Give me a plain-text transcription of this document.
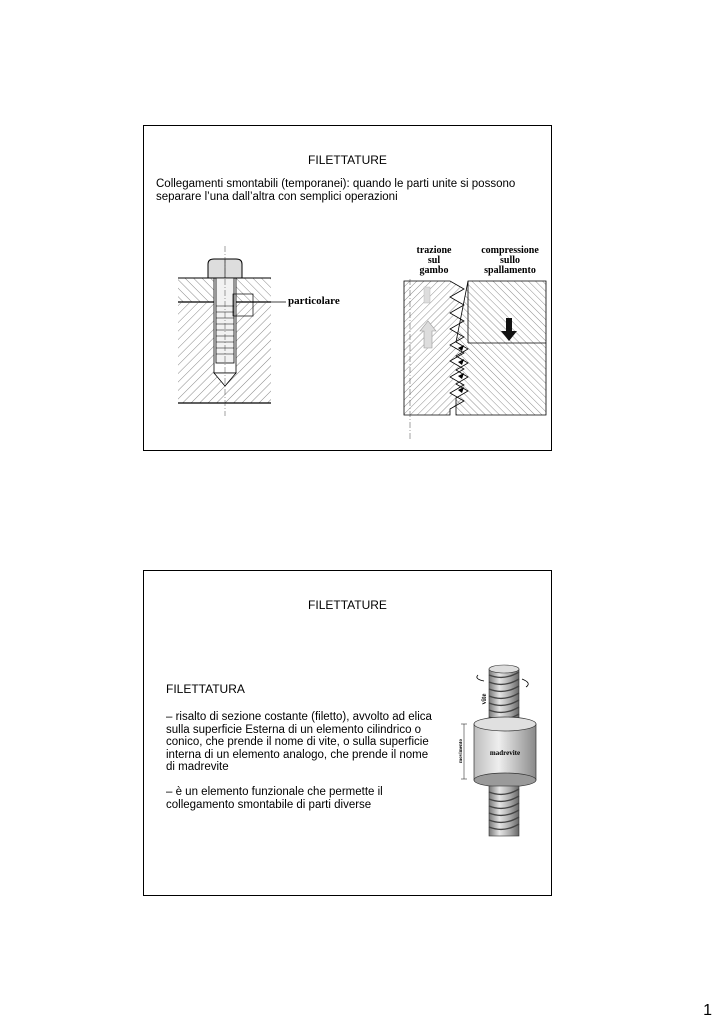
FILETTATURE
Collegamenti smontabili (temporanei): quando le parti unite si possono separare l’una dall’altra con semplici operazioni
particolare
trazione
sul
gambo
compressione
sullo
spallamento
FILETTATURE
FILETTATURA
– risalto di sezione costante (filetto), avvolto ad elica sulla superficie Esterna di un elemento cilindrico o conico, che prende il nome di vite, o sulla superficie interna di un elemento analogo, che prende il nome di madrevite
– è un elemento funzionale che permette il collegamento smontabile di parti diverse
movimento
vite
madrevite
1
